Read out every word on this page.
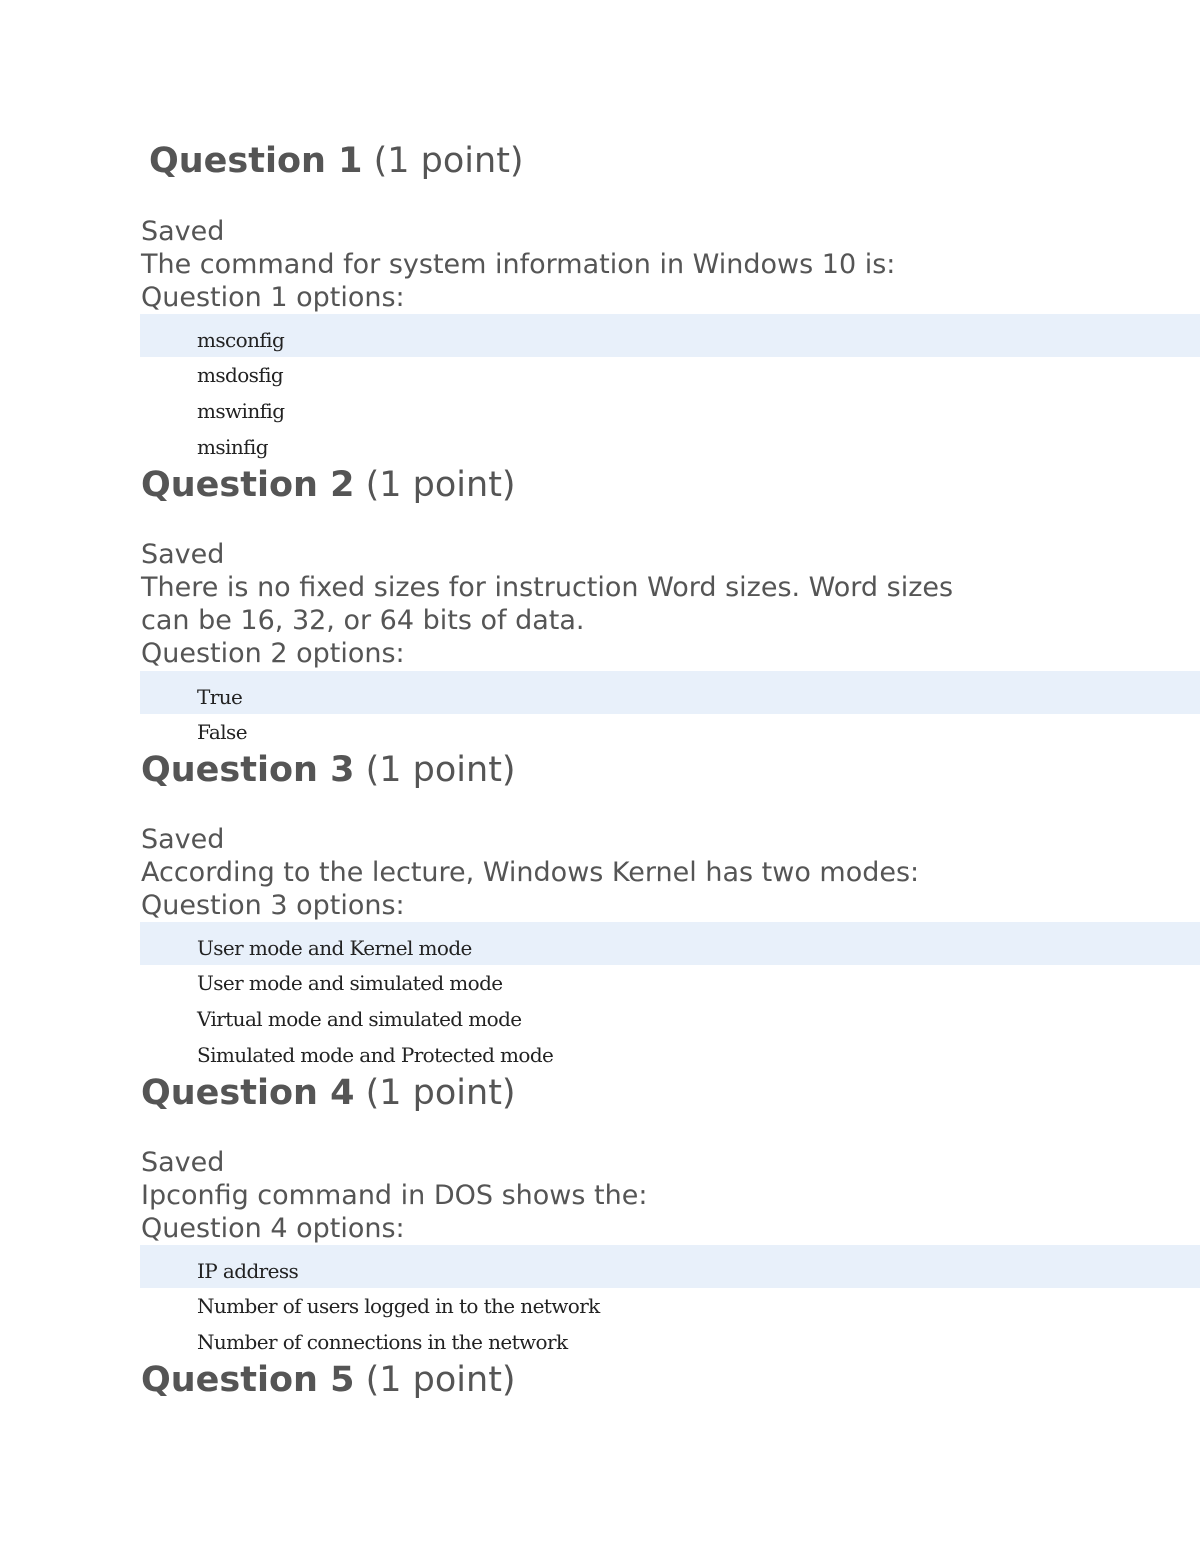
Question 1 (1 point)
Saved
The command for system information in Windows 10 is:
Question 1 options:
msconfig
msdosfig
mswinfig
msinfig
Question 2 (1 point)
Saved
There is no fixed sizes for instruction Word sizes. Word sizes
can be 16, 32, or 64 bits of data.
Question 2 options:
True
False
Question 3 (1 point)
Saved
According to the lecture, Windows Kernel has two modes:
Question 3 options:
User mode and Kernel mode
User mode and simulated mode
Virtual mode and simulated mode
Simulated mode and Protected mode
Question 4 (1 point)
Saved
Ipconfig command in DOS shows the:
Question 4 options:
IP address
Number of users logged in to the network
Number of connections in the network
Question 5 (1 point)
